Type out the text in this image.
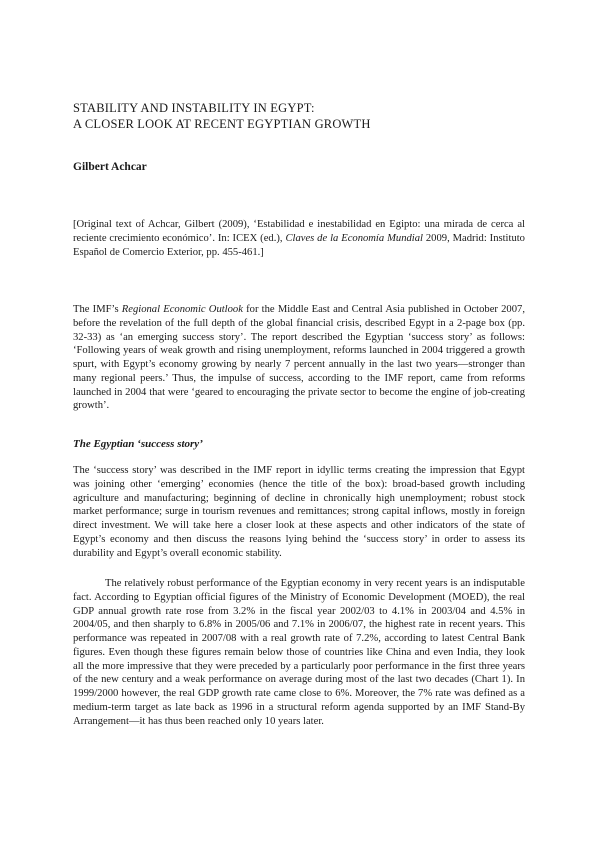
STABILITY AND INSTABILITY IN EGYPT:
A CLOSER LOOK AT RECENT EGYPTIAN GROWTH
Gilbert Achcar
[Original text of Achcar, Gilbert (2009), ‘Estabilidad e inestabilidad en Egipto: una mirada de cerca al reciente crecimiento económico’. In: ICEX (ed.), Claves de la Economía Mundial 2009, Madrid: Instituto Español de Comercio Exterior, pp. 455-461.]
The IMF’s Regional Economic Outlook for the Middle East and Central Asia published in October 2007, before the revelation of the full depth of the global financial crisis, described Egypt in a 2-page box (pp. 32-33) as ‘an emerging success story’. The report described the Egyptian ‘success story’ as follows: ‘Following years of weak growth and rising unemployment, reforms launched in 2004 triggered a growth spurt, with Egypt’s economy growing by nearly 7 percent annually in the last two years—stronger than many regional peers.’ Thus, the impulse of success, according to the IMF report, came from reforms launched in 2004 that were ‘geared to encouraging the private sector to become the engine of job-creating growth’.
The Egyptian ‘success story’
The ‘success story’ was described in the IMF report in idyllic terms creating the impression that Egypt was joining other ‘emerging’ economies (hence the title of the box): broad-based growth including agriculture and manufacturing; beginning of decline in chronically high unemployment; robust stock market performance; surge in tourism revenues and remittances; strong capital inflows, mostly in foreign direct investment. We will take here a closer look at these aspects and other indicators of the state of Egypt’s economy and then discuss the reasons lying behind the ‘success story’ in order to assess its durability and Egypt’s overall economic stability.
The relatively robust performance of the Egyptian economy in very recent years is an indisputable fact. According to Egyptian official figures of the Ministry of Economic Development (MOED), the real GDP annual growth rate rose from 3.2% in the fiscal year 2002/03 to 4.1% in 2003/04 and 4.5% in 2004/05, and then sharply to 6.8% in 2005/06 and 7.1% in 2006/07, the highest rate in recent years. This performance was repeated in 2007/08 with a real growth rate of 7.2%, according to latest Central Bank figures. Even though these figures remain below those of countries like China and even India, they look all the more impressive that they were preceded by a particularly poor performance in the first three years of the new century and a weak performance on average during most of the last two decades (Chart 1). In 1999/2000 however, the real GDP growth rate came close to 6%. Moreover, the 7% rate was defined as a medium-term target as late back as 1996 in a structural reform agenda supported by an IMF Stand-By Arrangement—it has thus been reached only 10 years later.
